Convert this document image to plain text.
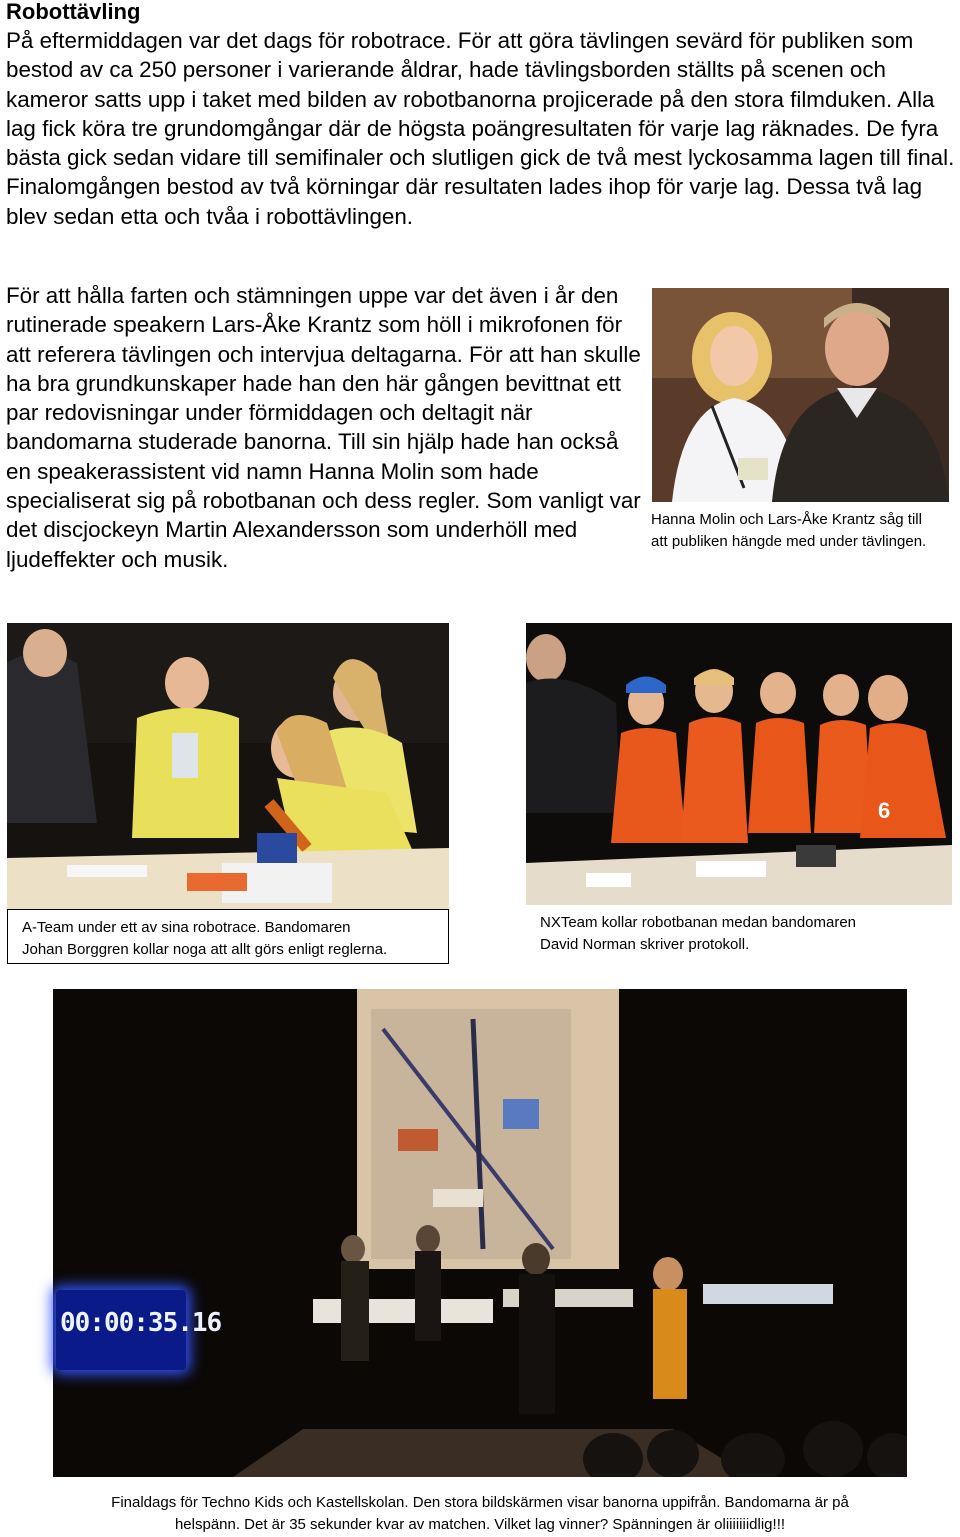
Robottävling
På eftermiddagen var det dags för robotrace. För att göra tävlingen sevärd för publiken som bestod av ca 250 personer i varierande åldrar, hade tävlingsborden ställts på scenen och kameror satts upp i taket med bilden av robotbanorna projicerade på den stora filmduken. Alla lag fick köra tre grundomgångar där de högsta poängresultaten för varje lag räknades. De fyra bästa gick sedan vidare till semifinaler och slutligen gick de två mest lyckosamma lagen till final. Finalomgången bestod av två körningar där resultaten lades ihop för varje lag. Dessa två lag blev sedan etta och tvåa i robottävlingen.
För att hålla farten och stämningen uppe var det även i år den rutinerade speakern Lars-Åke Krantz som höll i mikrofonen för att referera tävlingen och intervjua deltagarna. För att han skulle ha bra grundkunskaper hade han den här gången bevittnat ett par redovisningar under förmiddagen och deltagit när bandomarna studerade banorna. Till sin hjälp hade han också en speakerassistent vid namn Hanna Molin som hade specialiserat sig på robotbanan och dess regler. Som vanligt var det discjockeyn Martin Alexandersson som underhöll med ljudeffekter och musik.
Hanna Molin och Lars-Åke Krantz såg till
att publiken hängde med under tävlingen.
A-Team under ett av sina robotrace. Bandomaren
Johan Borggren kollar noga att allt görs enligt reglerna.
6
NXTeam kollar robotbanan medan bandomaren
David Norman skriver protokoll.
00:00:35.16
Finaldags för Techno Kids och Kastellskolan. Den stora bildskärmen visar banorna uppifrån. Bandomarna är på
helspänn. Det är 35 sekunder kvar av matchen. Vilket lag vinner? Spänningen är oliiiiiiidlig!!!
